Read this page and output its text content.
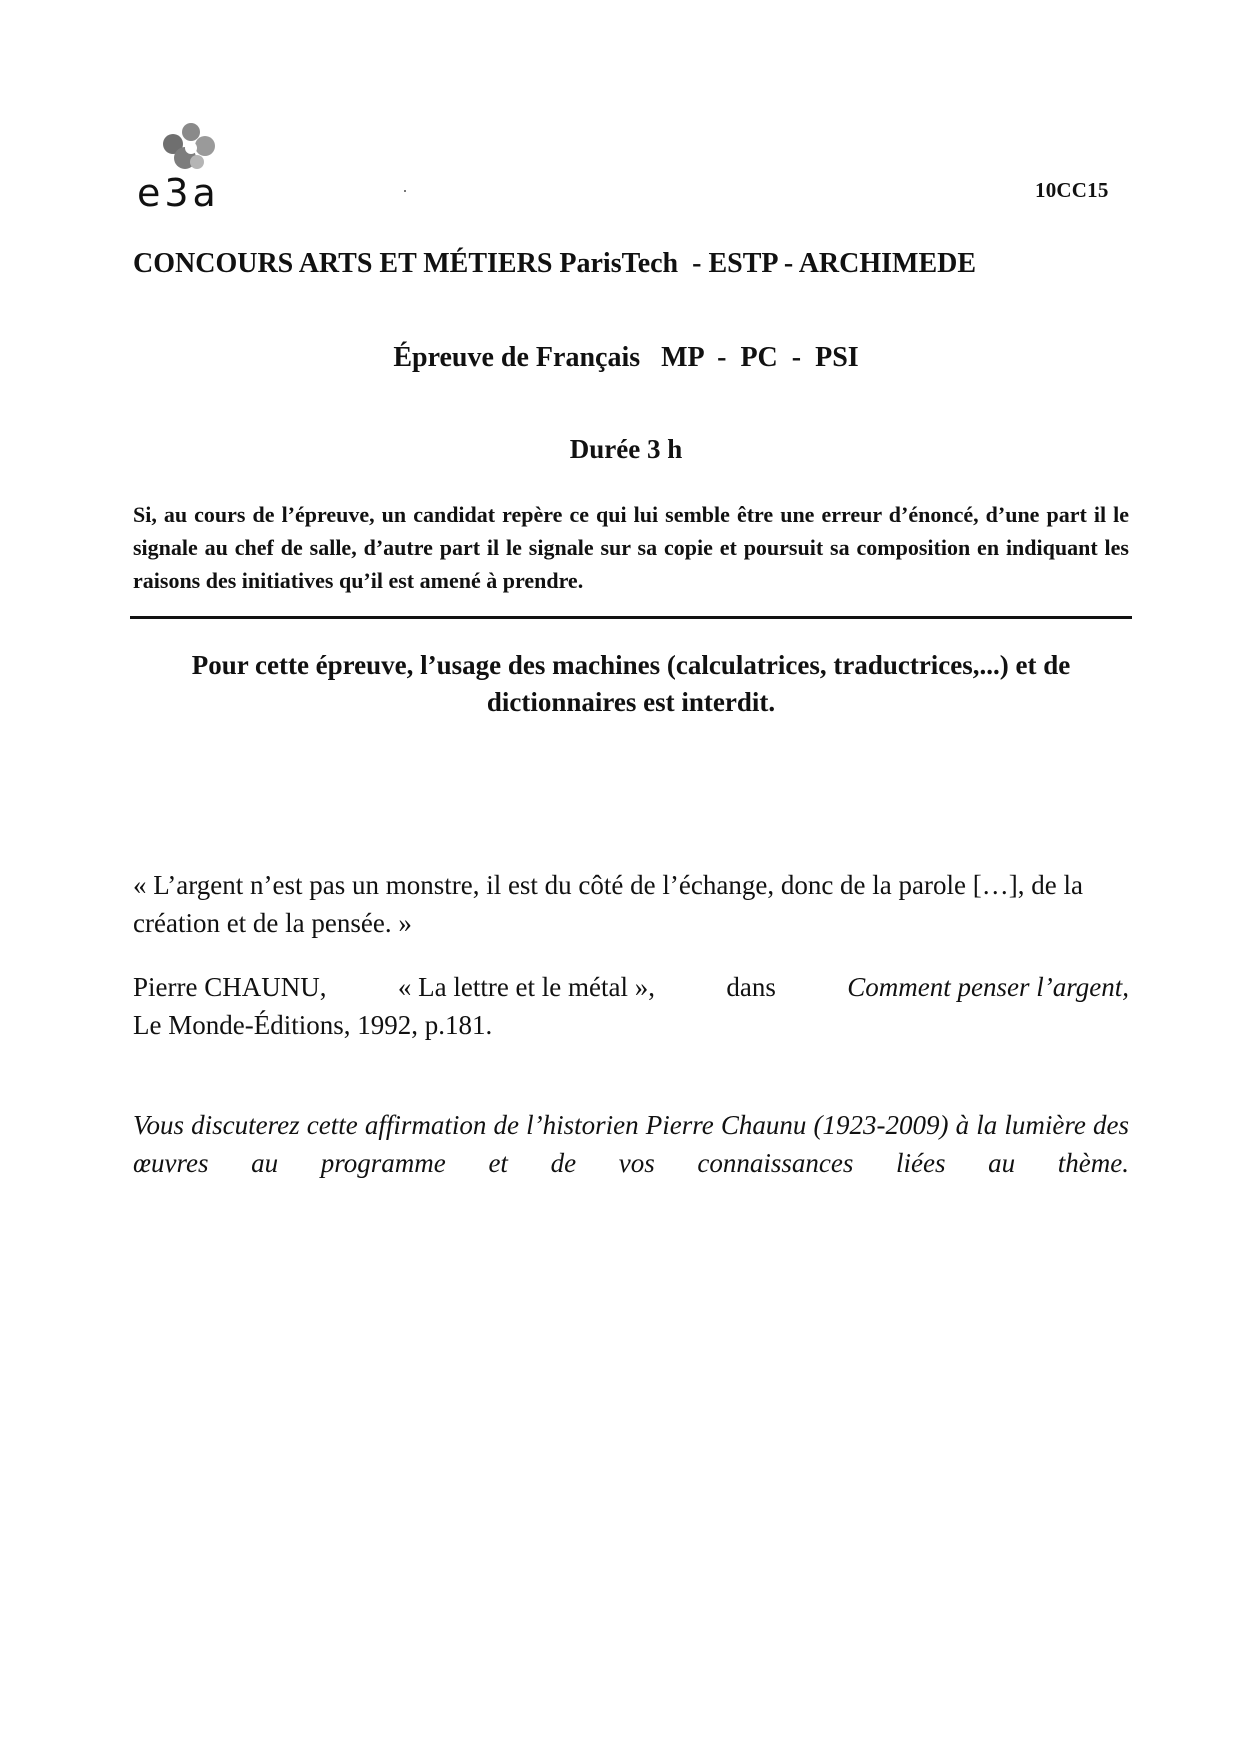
e3a	10CC15
CONCOURS ARTS ET MÉTIERS ParisTech  - ESTP - ARCHIMEDE
Épreuve de Français   MP  -  PC  -  PSI
Durée 3 h
Si, au cours de l’épreuve, un candidat repère ce qui lui semble être une erreur d’énoncé, d’une part il le signale au chef de salle, d’autre part il le signale sur sa copie et poursuit sa composition en indiquant les raisons des initiatives qu’il est amené à prendre.
Pour cette épreuve, l’usage des machines (calculatrices, traductrices,...) et de dictionnaires est interdit.
« L’argent n’est pas un monstre, il est du côté de l’échange, donc de la parole […], de la création et de la pensée. »
Pierre CHAUNU,	« La lettre et le métal »,	dans	Comment penser l’argent,
Le Monde-Éditions, 1992, p.181.
Vous discuterez cette affirmation de l’historien Pierre Chaunu (1923-2009) à la lumière des œuvres au programme et de vos connaissances liées au thème.
